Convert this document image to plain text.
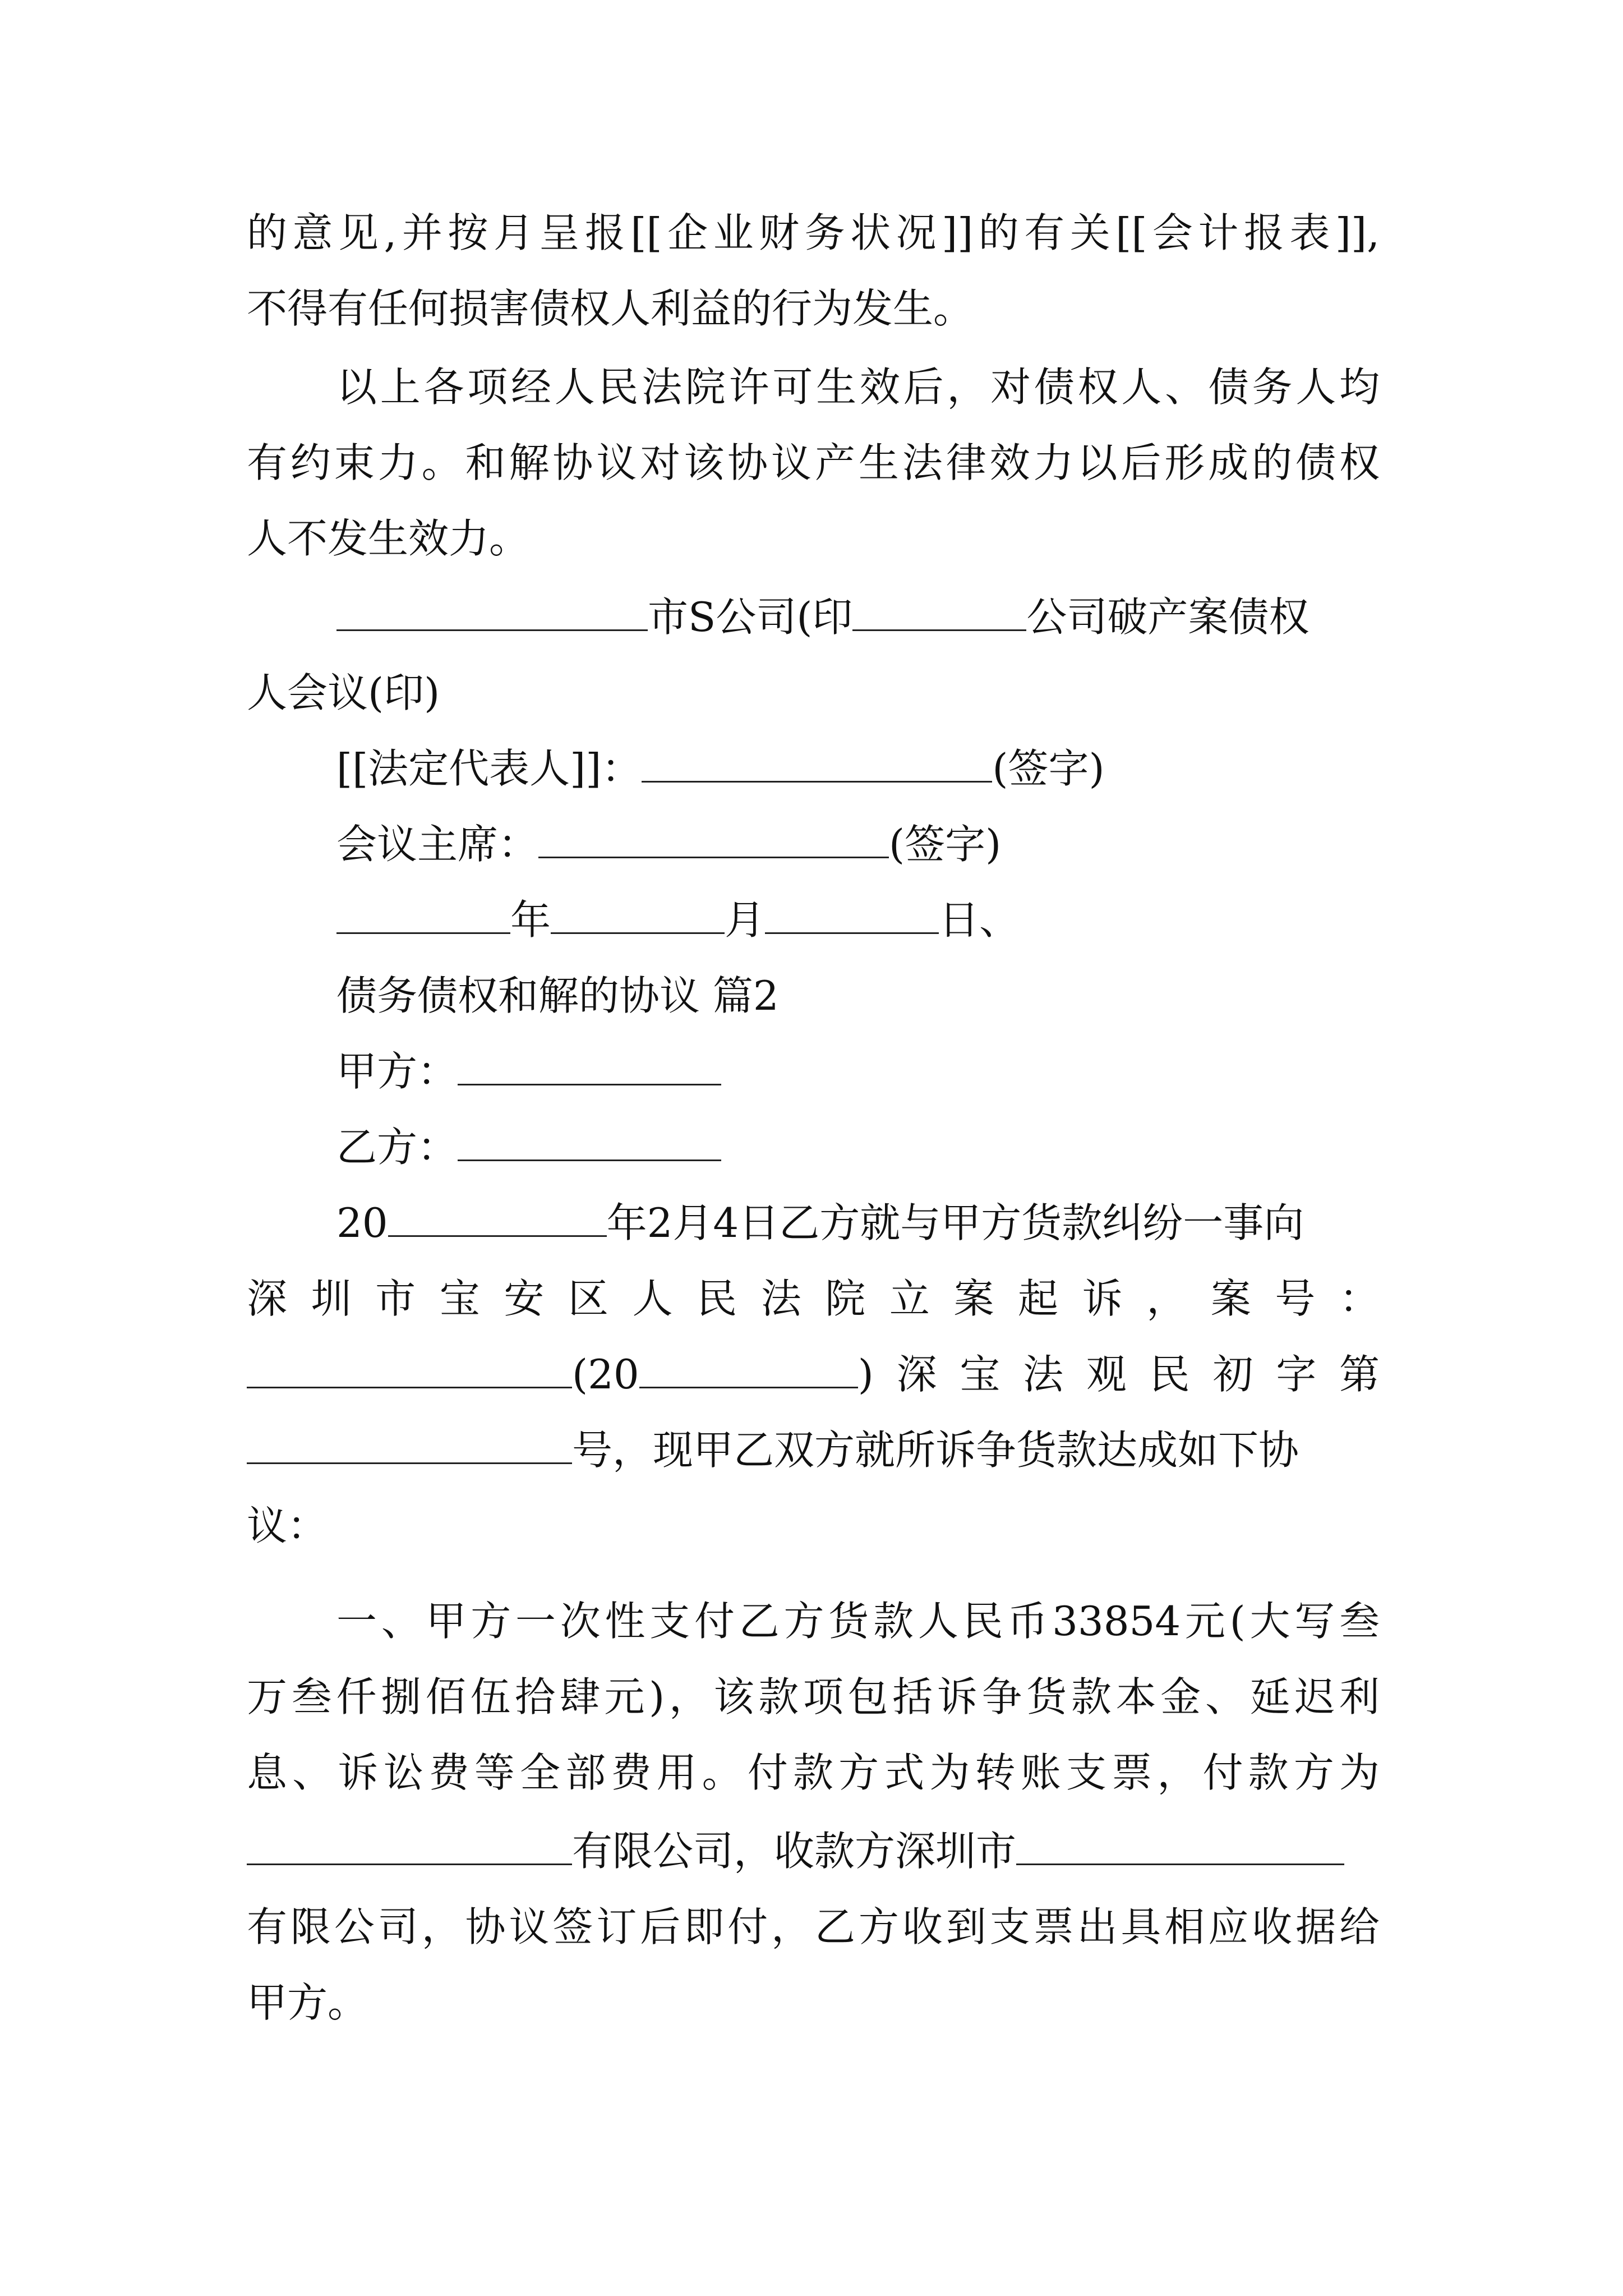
的意见,并按月呈报[[企业财务状况]]的有关[[会计报表]],
不得有任何损害债权人利益的行为发生。
以上各项经人民法院许可生效后，对债权人、债务人均
有约束力。和解协议对该协议产生法律效力以后形成的债权
人不发生效力。
市S公司(印	公司破产案债权
人会议(印)
[[法定代表人]]：	(签字)
会议主席：	(签字)
年	月	日、
债务债权和解的协议 篇2
甲方：
乙方：
20	年2月4日乙方就与甲方货款纠纷一事向
深圳市宝安区人民法院立案起诉，案号：
(20	)深宝法观民初字第
号，现甲乙双方就所诉争货款达成如下协
议：
一、甲方一次性支付乙方货款人民币33854元(大写叁
万叁仟捌佰伍拾肆元)，该款项包括诉争货款本金、延迟利
息、诉讼费等全部费用。付款方式为转账支票，付款方为
有限公司，收款方深圳市
有限公司，协议签订后即付，乙方收到支票出具相应收据给
甲方。
